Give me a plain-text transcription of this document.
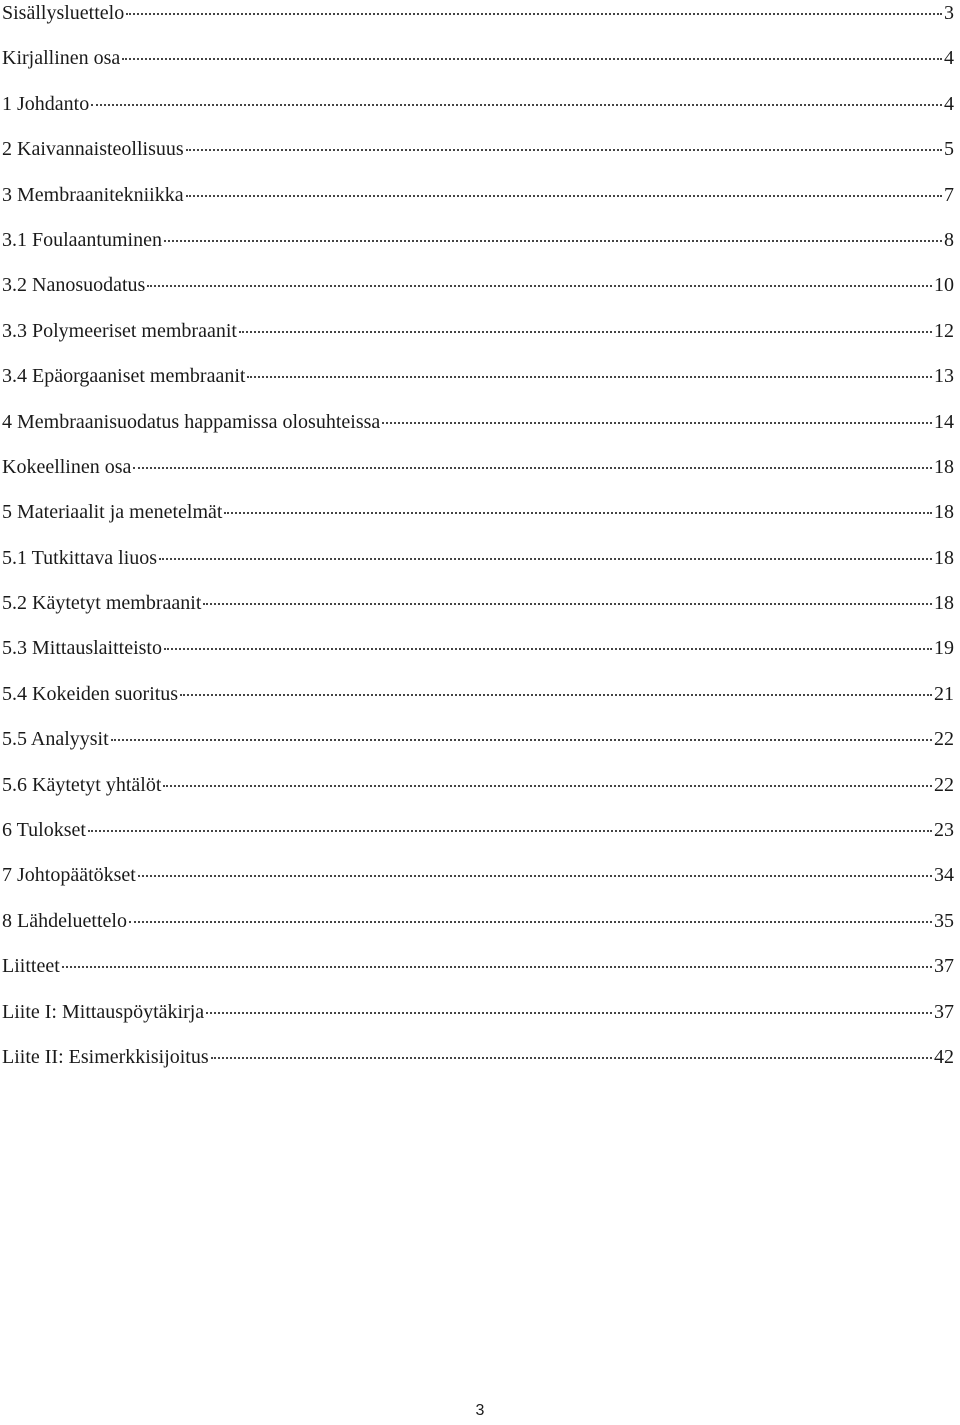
Sisällysluettelo	3
Kirjallinen osa	4
1 Johdanto	4
2 Kaivannaisteollisuus	5
3 Membraanitekniikka	7
3.1 Foulaantuminen	8
3.2 Nanosuodatus	10
3.3 Polymeeriset membraanit	12
3.4 Epäorgaaniset membraanit	13
4 Membraanisuodatus happamissa olosuhteissa	14
Kokeellinen osa	18
5 Materiaalit ja menetelmät	18
5.1 Tutkittava liuos	18
5.2 Käytetyt membraanit	18
5.3 Mittauslaitteisto	19
5.4 Kokeiden suoritus	21
5.5 Analyysit	22
5.6 Käytetyt yhtälöt	22
6 Tulokset	23
7 Johtopäätökset	34
8 Lähdeluettelo	35
Liitteet	37
Liite I: Mittauspöytäkirja	37
Liite II: Esimerkkisijoitus	42
3
